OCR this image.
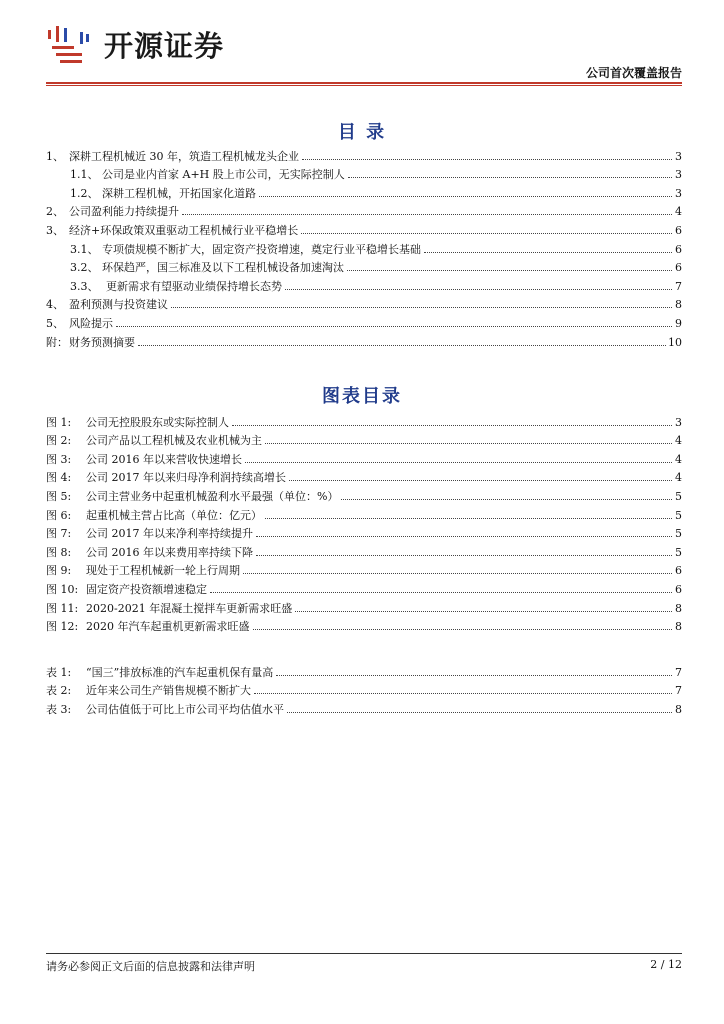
开源证券
公司首次覆盖报告
目 录
1、 深耕工程机械近 30 年，筑造工程机械龙头企业	3
1.1、 公司是业内首家 A+H 股上市公司，无实际控制人	3
1.2、 深耕工程机械，开拓国家化道路	3
2、 公司盈利能力持续提升	4
3、 经济+环保政策双重驱动工程机械行业平稳增长	6
3.1、 专项债规模不断扩大，固定资产投资增速，奠定行业平稳增长基础	6
3.2、 环保趋严，国三标准及以下工程机械设备加速淘汰	6
3.3、 更新需求有望驱动业绩保持增长态势	7
4、 盈利预测与投资建议	8
5、 风险提示	9
附： 财务预测摘要	10
图表目录
图 1:	公司无控股股东或实际控制人	3
图 2:	公司产品以工程机械及农业机械为主	4
图 3:	公司 2016 年以来营收快速增长	4
图 4:	公司 2017 年以来归母净利润持续高增长	4
图 5:	公司主营业务中起重机械盈利水平最强（单位：%）	5
图 6:	起重机械主营占比高（单位：亿元）	5
图 7:	公司 2017 年以来净利率持续提升	5
图 8:	公司 2016 年以来费用率持续下降	5
图 9:	现处于工程机械新一轮上行周期	6
图 10: 固定资产投资额增速稳定	6
图 11: 2020-2021 年混凝土搅拌车更新需求旺盛	8
图 12: 2020 年汽车起重机更新需求旺盛	8
表 1:	“国三”排放标准的汽车起重机保有量高	7
表 2:	近年来公司生产销售规模不断扩大	7
表 3:	公司估值低于可比上市公司平均估值水平	8
请务必参阅正文后面的信息披露和法律声明	2 / 12
